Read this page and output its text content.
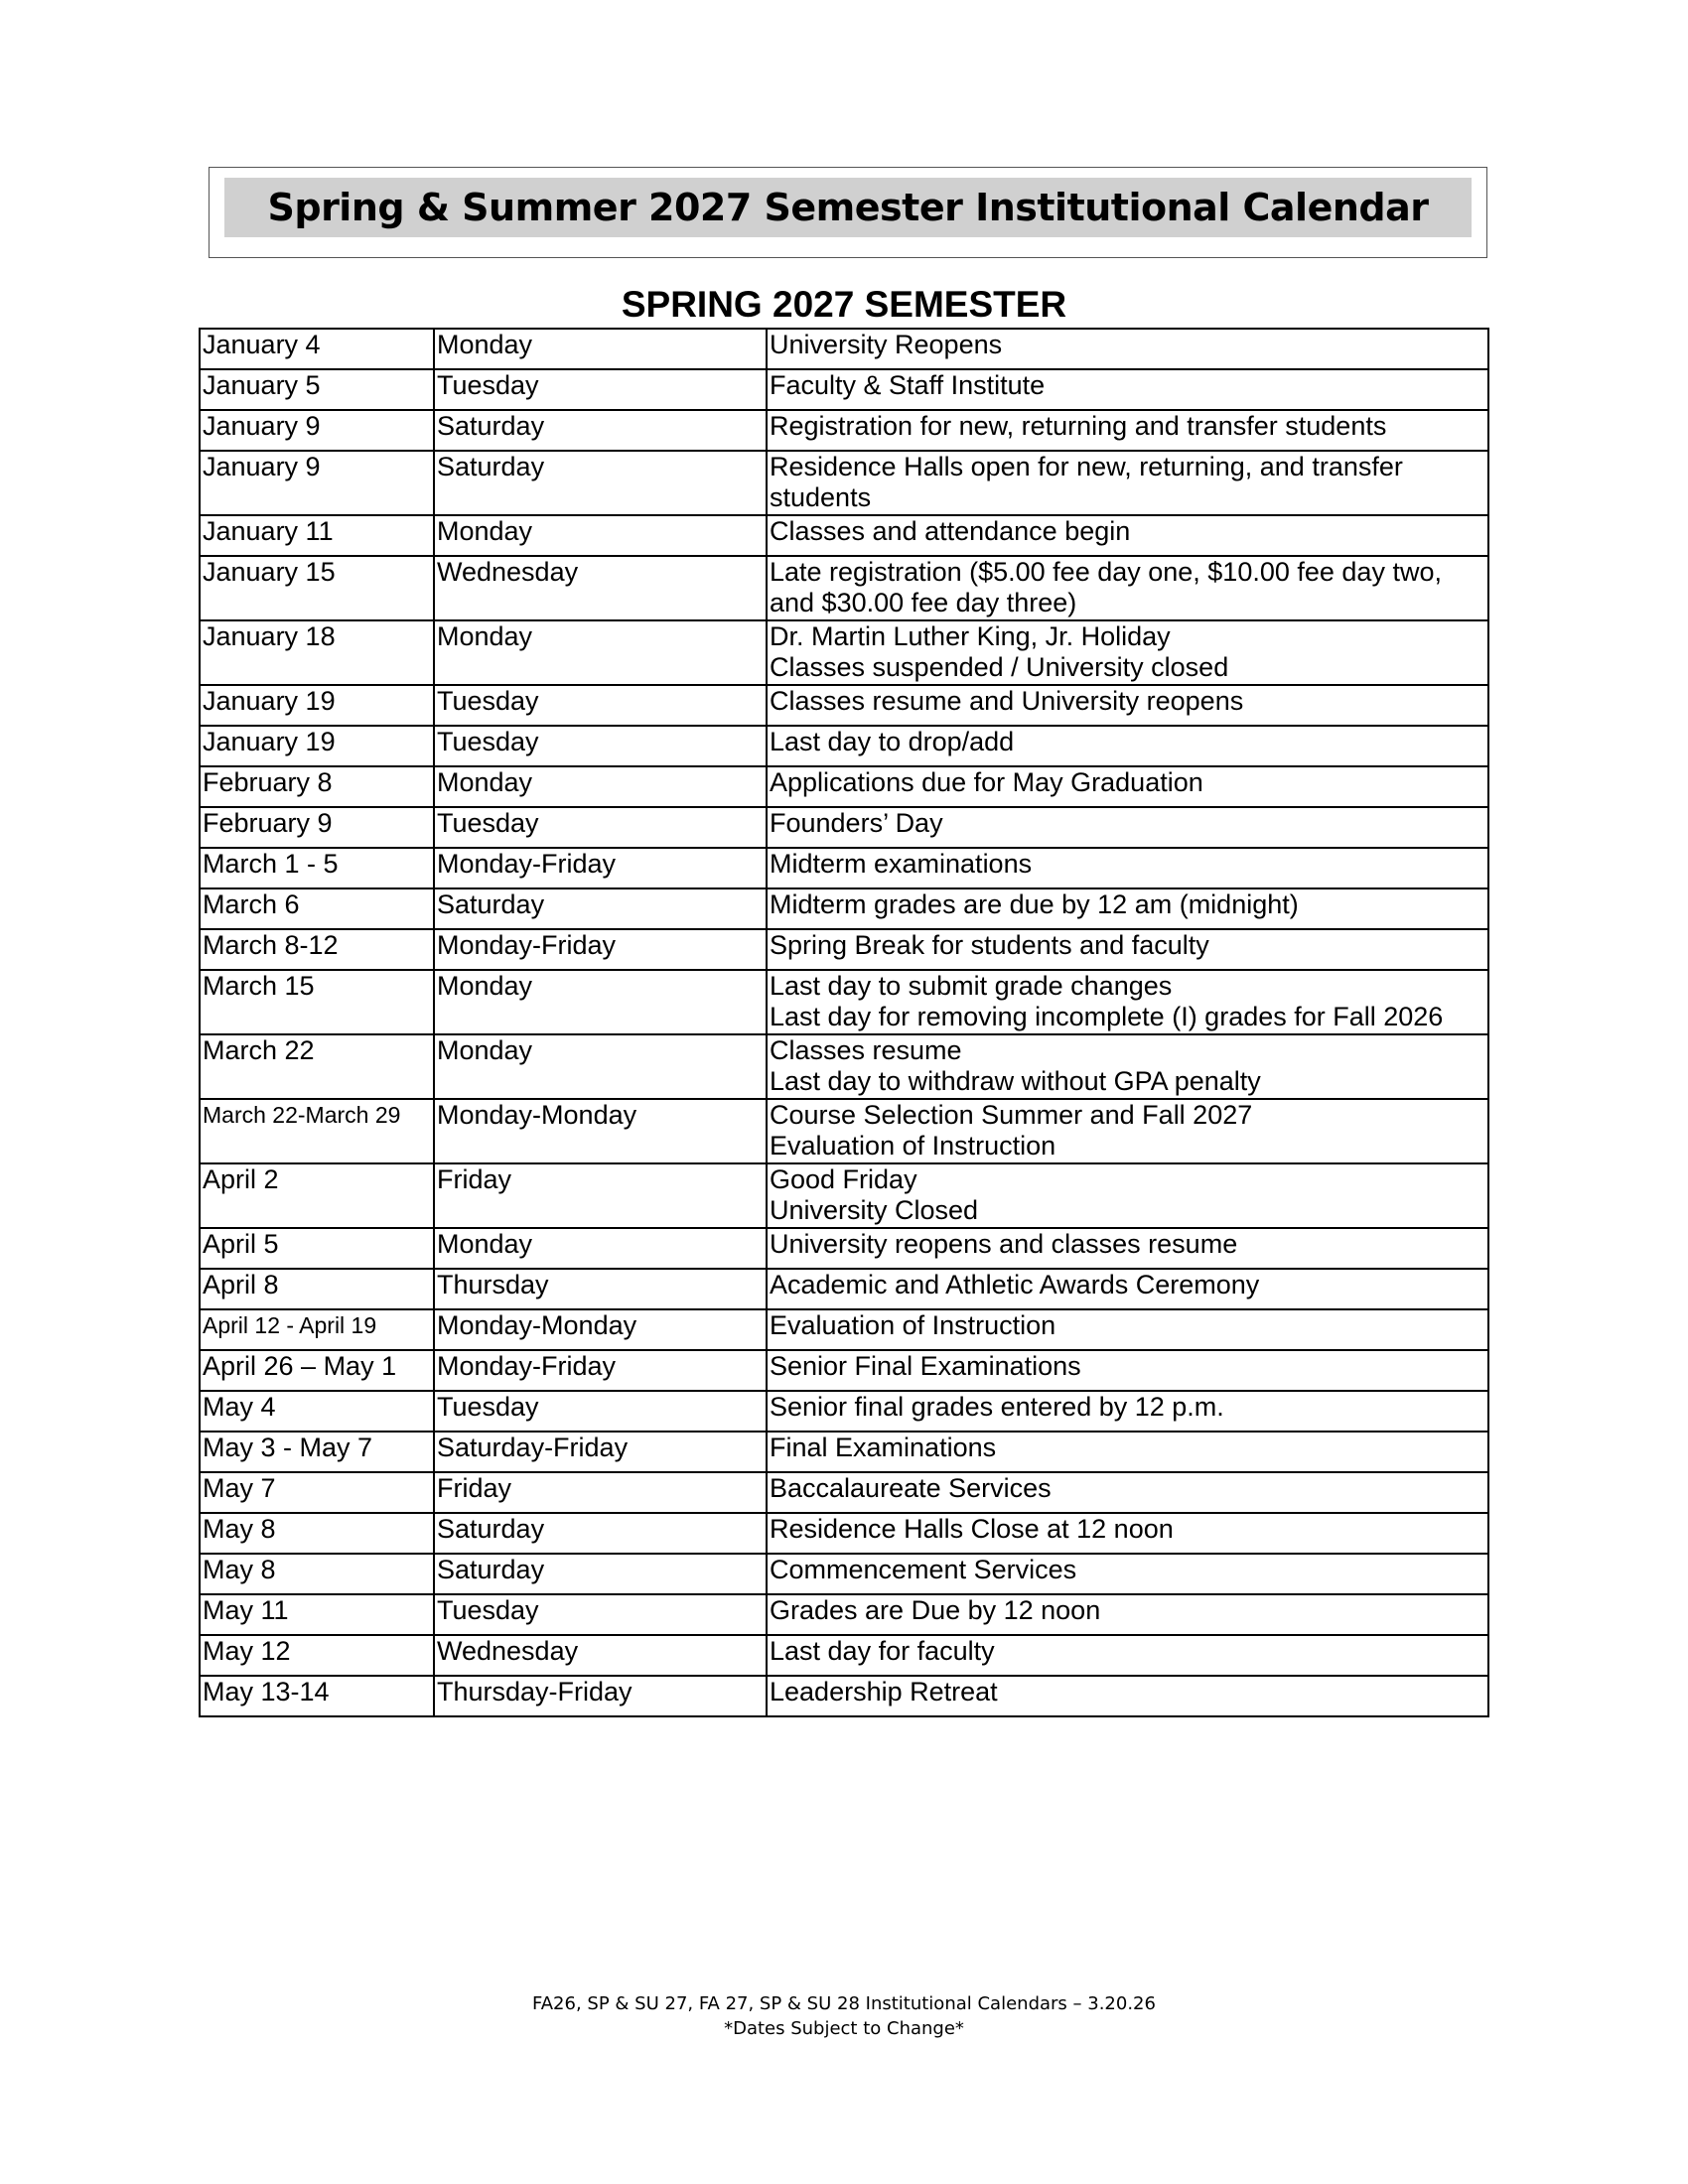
Spring & Summer 2027 Semester Institutional Calendar
SPRING 2027 SEMESTER
January 4	Monday	University Reopens

January 5	Tuesday	Faculty & Staff Institute

January 9	Saturday	Registration for new, returning and transfer students

January 9	Saturday	Residence Halls open for new, returning, and transfer
students

January 11	Monday	Classes and attendance begin

January 15	Wednesday	Late registration ($5.00 fee day one, $10.00 fee day two,
and $30.00 fee day three)

January 18	Monday	Dr. Martin Luther King, Jr. Holiday
Classes suspended / University closed

January 19	Tuesday	Classes resume and University reopens

January 19	Tuesday	Last day to drop/add

February 8	Monday	Applications due for May Graduation

February 9	Tuesday	Founders’ Day

March 1 - 5	Monday-Friday	Midterm examinations

March 6	Saturday	Midterm grades are due by 12 am (midnight)

March 8-12	Monday-Friday	Spring Break for students and faculty

March 15	Monday	Last day to submit grade changes
Last day for removing incomplete (I) grades for Fall 2026

March 22	Monday	Classes resume
Last day to withdraw without GPA penalty

March 22-March 29	Monday-Monday	Course Selection Summer and Fall 2027
Evaluation of Instruction

April 2	Friday	Good Friday
University Closed

April 5	Monday	University reopens and classes resume

April 8	Thursday	Academic and Athletic Awards Ceremony

April 12 - April 19	Monday-Monday	Evaluation of Instruction

April 26 – May 1	Monday-Friday	Senior Final Examinations

May 4	Tuesday	Senior final grades entered by 12 p.m.

May 3 - May 7	Saturday-Friday	Final Examinations

May 7	Friday	Baccalaureate Services

May 8	Saturday	Residence Halls Close at 12 noon

May 8	Saturday	Commencement Services

May 11	Tuesday	Grades are Due by 12 noon

May 12	Wednesday	Last day for faculty

May 13-14	Thursday-Friday	Leadership Retreat
FA26, SP & SU 27, FA 27, SP & SU 28 Institutional Calendars – 3.20.26
*Dates Subject to Change*
